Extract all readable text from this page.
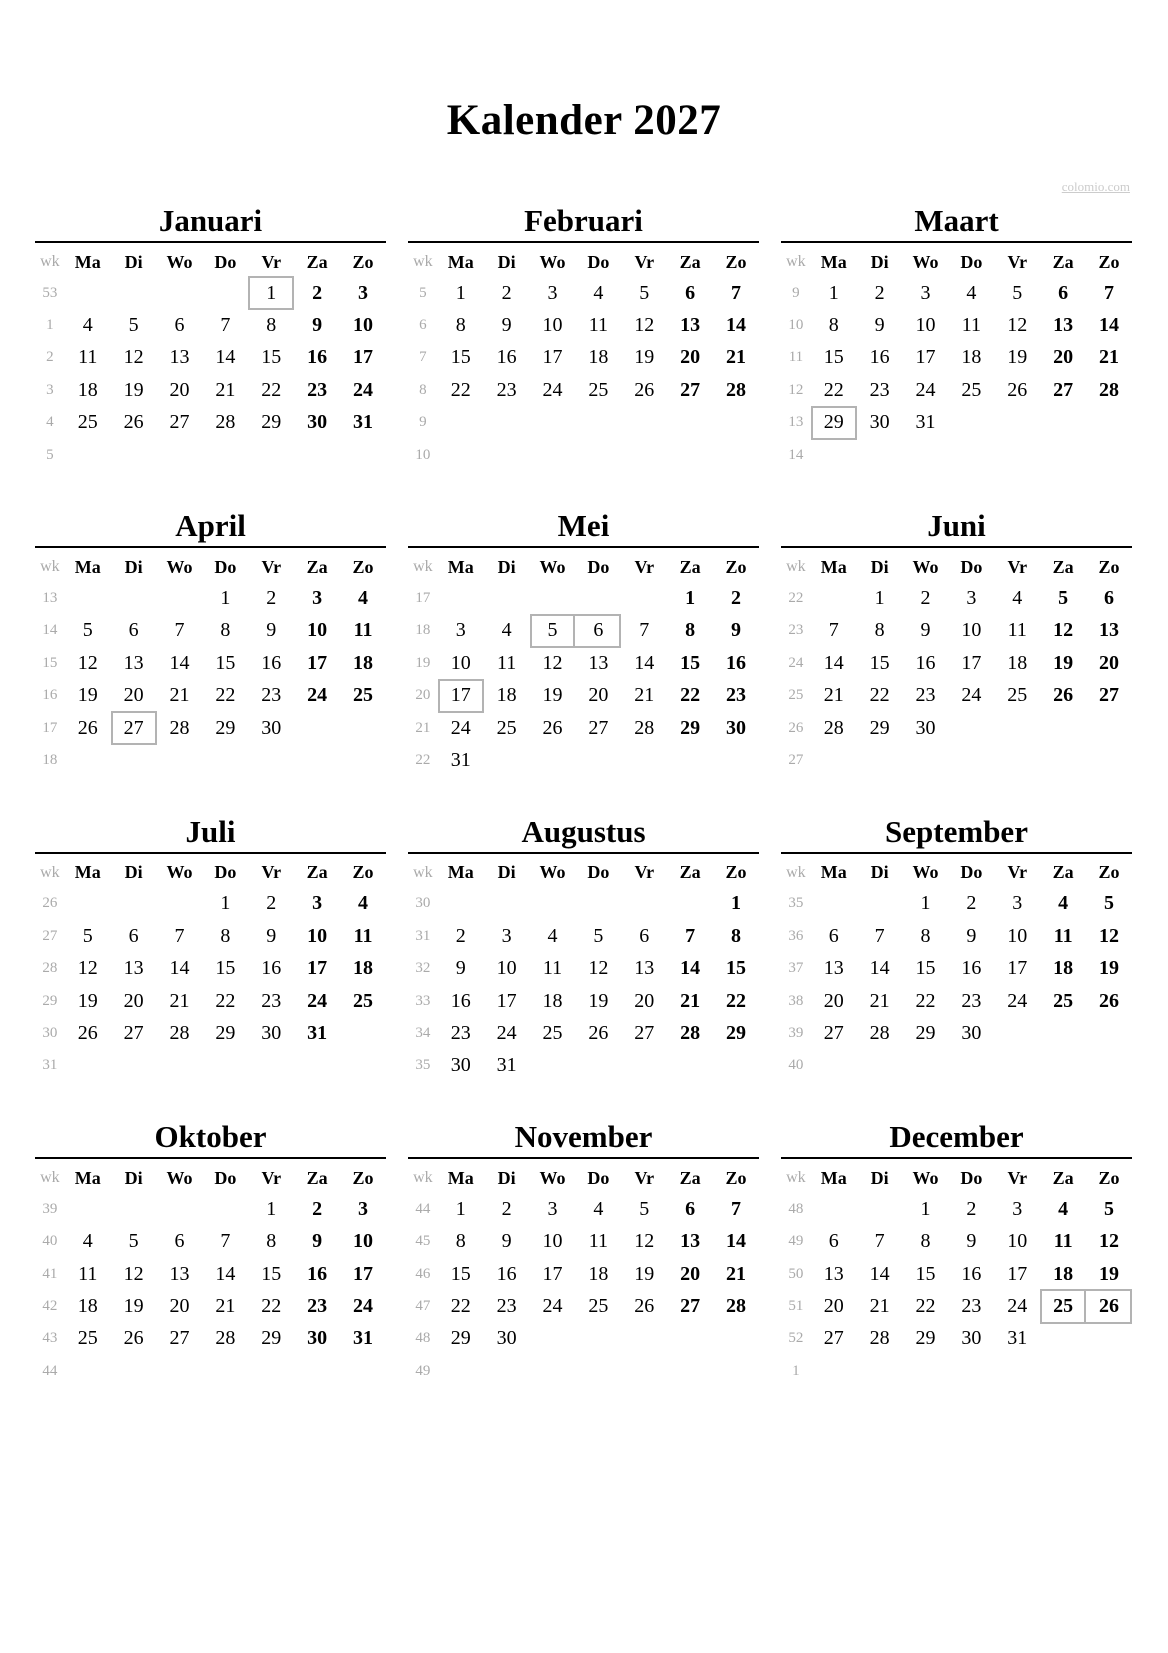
Kalender 2027
colomio.com
Januari
wk	Ma	Di	Wo	Do	Vr	Za	Zo
53					1	2	3
1	4	5	6	7	8	9	10
2	11	12	13	14	15	16	17
3	18	19	20	21	22	23	24
4	25	26	27	28	29	30	31
5							
Februari
wk	Ma	Di	Wo	Do	Vr	Za	Zo
5	1	2	3	4	5	6	7
6	8	9	10	11	12	13	14
7	15	16	17	18	19	20	21
8	22	23	24	25	26	27	28
9							
10							
Maart
wk	Ma	Di	Wo	Do	Vr	Za	Zo
9	1	2	3	4	5	6	7
10	8	9	10	11	12	13	14
11	15	16	17	18	19	20	21
12	22	23	24	25	26	27	28
13	29	30	31				
14							
April
wk	Ma	Di	Wo	Do	Vr	Za	Zo
13				1	2	3	4
14	5	6	7	8	9	10	11
15	12	13	14	15	16	17	18
16	19	20	21	22	23	24	25
17	26	27	28	29	30		
18							
Mei
wk	Ma	Di	Wo	Do	Vr	Za	Zo
17						1	2
18	3	4	5	6	7	8	9
19	10	11	12	13	14	15	16
20	17	18	19	20	21	22	23
21	24	25	26	27	28	29	30
22	31						
Juni
wk	Ma	Di	Wo	Do	Vr	Za	Zo
22		1	2	3	4	5	6
23	7	8	9	10	11	12	13
24	14	15	16	17	18	19	20
25	21	22	23	24	25	26	27
26	28	29	30				
27							
Juli
wk	Ma	Di	Wo	Do	Vr	Za	Zo
26				1	2	3	4
27	5	6	7	8	9	10	11
28	12	13	14	15	16	17	18
29	19	20	21	22	23	24	25
30	26	27	28	29	30	31	
31							
Augustus
wk	Ma	Di	Wo	Do	Vr	Za	Zo
30							1
31	2	3	4	5	6	7	8
32	9	10	11	12	13	14	15
33	16	17	18	19	20	21	22
34	23	24	25	26	27	28	29
35	30	31					
September
wk	Ma	Di	Wo	Do	Vr	Za	Zo
35			1	2	3	4	5
36	6	7	8	9	10	11	12
37	13	14	15	16	17	18	19
38	20	21	22	23	24	25	26
39	27	28	29	30			
40							
Oktober
wk	Ma	Di	Wo	Do	Vr	Za	Zo
39					1	2	3
40	4	5	6	7	8	9	10
41	11	12	13	14	15	16	17
42	18	19	20	21	22	23	24
43	25	26	27	28	29	30	31
44							
November
wk	Ma	Di	Wo	Do	Vr	Za	Zo
44	1	2	3	4	5	6	7
45	8	9	10	11	12	13	14
46	15	16	17	18	19	20	21
47	22	23	24	25	26	27	28
48	29	30					
49							
December
wk	Ma	Di	Wo	Do	Vr	Za	Zo
48			1	2	3	4	5
49	6	7	8	9	10	11	12
50	13	14	15	16	17	18	19
51	20	21	22	23	24	25	26
52	27	28	29	30	31		
1							
